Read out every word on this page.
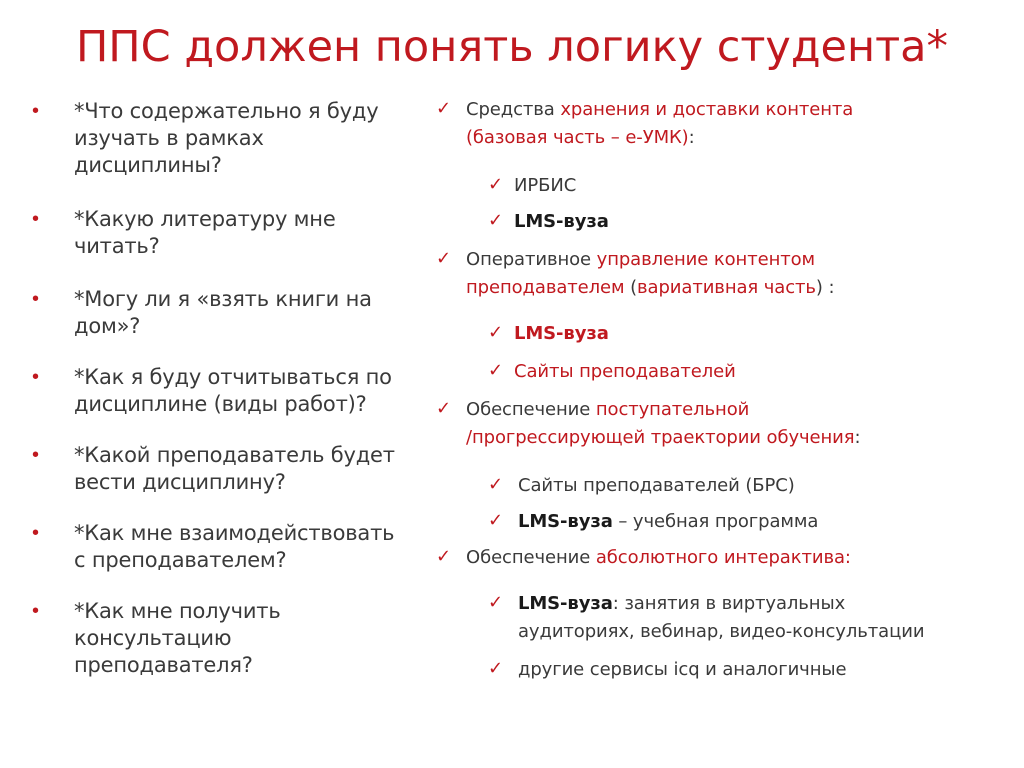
ППС должен понять логику студента*
•	*Что содержательно я буду
изучать в рамках
дисциплины?
•	*Какую литературу мне
читать?
•	*Могу ли я «взять книги на
дом»?
•	*Как я буду отчитываться по
дисциплине (виды работ)?
•	*Какой преподаватель будет
вести дисциплину?
•	*Как мне взаимодействовать
с преподавателем?
•	*Как мне получить
консультацию
преподавателя?
✓ Средства хранения и доставки контента
(базовая часть – е-УМК):
✓ ИРБИС
✓ LMS-вуза
✓ Оперативное управление контентом
преподавателем (вариативная часть) :
✓ LMS-вуза
✓ Сайты преподавателей
✓ Обеспечение поступательной
/прогрессирующей траектории обучения:
✓ Сайты преподавателей (БРС)
✓ LMS-вуза – учебная программа
✓ Обеспечение абсолютного интерактива:
✓ LMS-вуза: занятия в виртуальных
аудиториях, вебинар, видео-консультации
✓ другие сервисы icq и аналогичные
